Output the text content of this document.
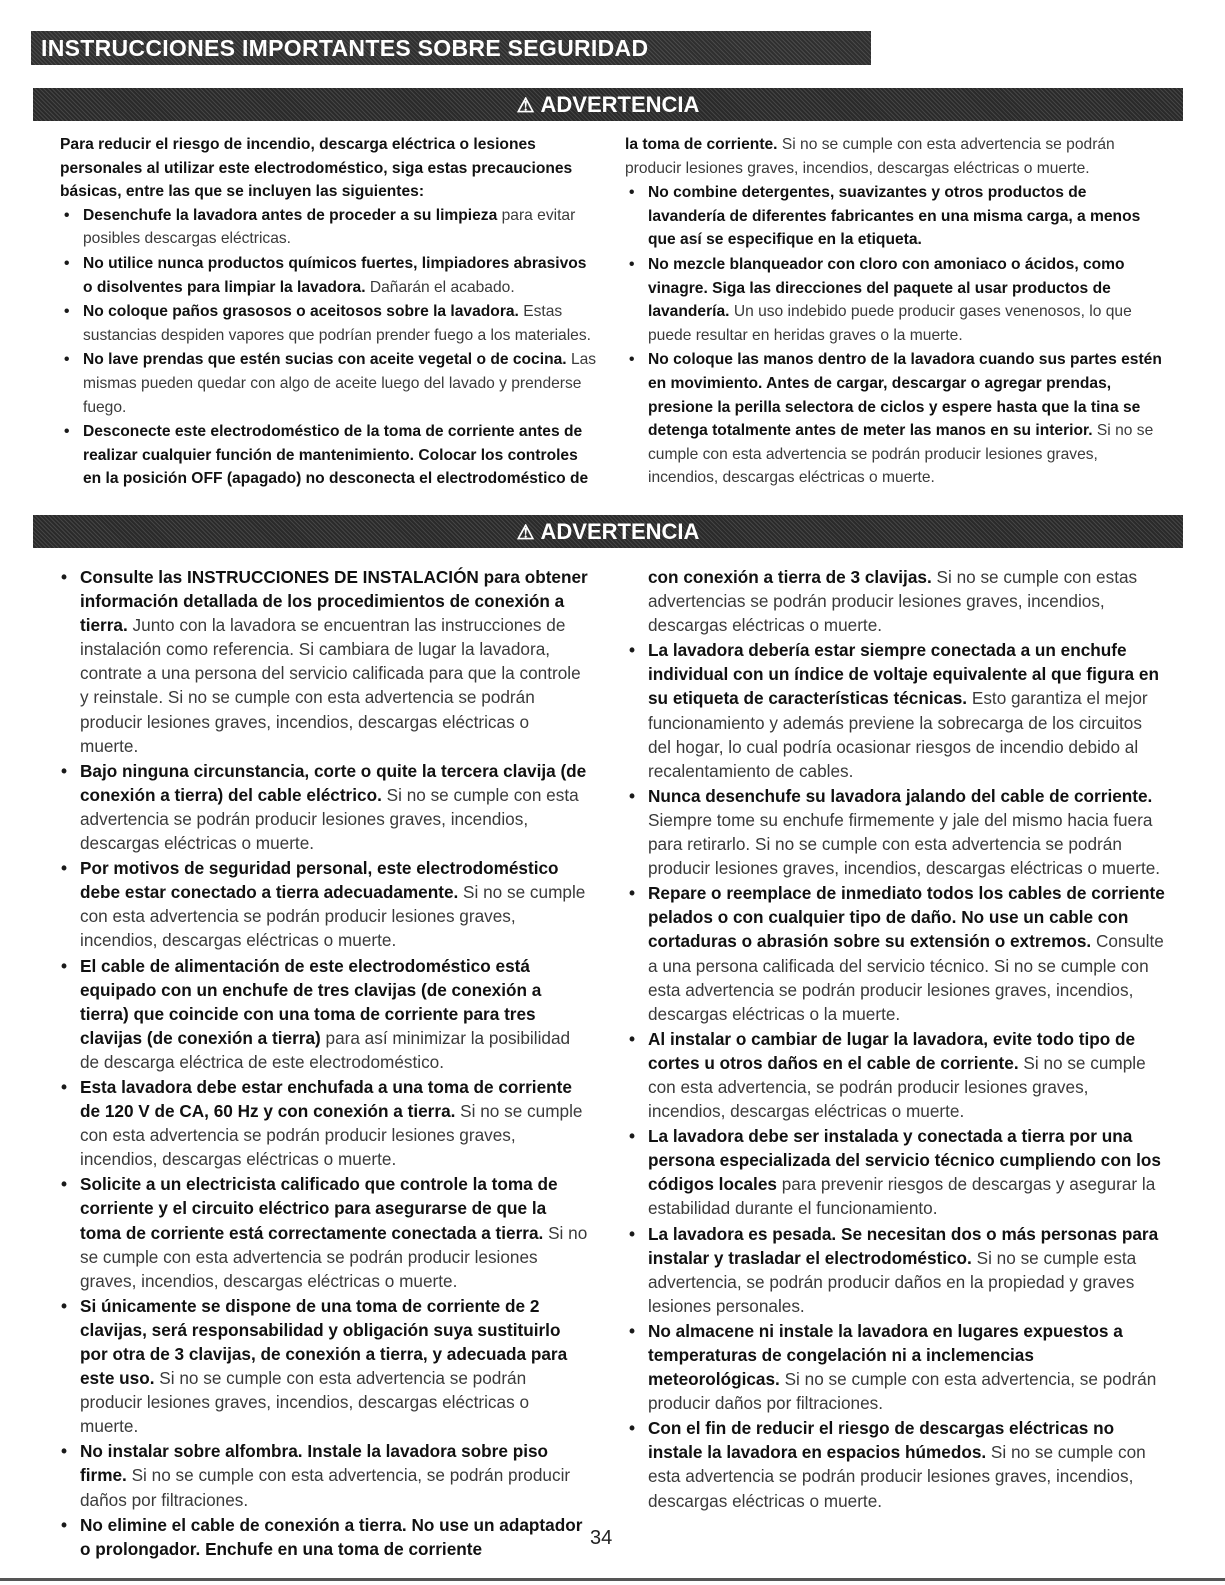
INSTRUCCIONES IMPORTANTES SOBRE SEGURIDAD
⚠ ADVERTENCIA

Para reducir el riesgo de incendio, descarga eléctrica o lesiones personales al utilizar este electrodoméstico, siga estas precauciones básicas, entre las que se incluyen las siguientes:

• Desenchufe la lavadora antes de proceder a su limpieza para evitar posibles descargas eléctricas.
• No utilice nunca productos químicos fuertes, limpiadores abrasivos o disolventes para limpiar la lavadora. Dañarán el acabado.
• No coloque paños grasosos o aceitosos sobre la lavadora. Estas sustancias despiden vapores que podrían prender fuego a los materiales.
• No lave prendas que estén sucias con aceite vegetal o de cocina. Las mismas pueden quedar con algo de aceite luego del lavado y prenderse fuego.
• Desconecte este electrodoméstico de la toma de corriente antes de realizar cualquier función de mantenimiento. Colocar los controles en la posición OFF (apagado) no desconecta el electrodoméstico de

la toma de corriente. Si no se cumple con esta advertencia se podrán producir lesiones graves, incendios, descargas eléctricas o muerte.

• No combine detergentes, suavizantes y otros productos de lavandería de diferentes fabricantes en una misma carga, a menos que así se especifique en la etiqueta.
• No mezcle blanqueador con cloro con amoniaco o ácidos, como vinagre. Siga las direcciones del paquete al usar productos de lavandería. Un uso indebido puede producir gases venenosos, lo que puede resultar en heridas graves o la muerte.
• No coloque las manos dentro de la lavadora cuando sus partes estén en movimiento. Antes de cargar, descargar o agregar prendas, presione la perilla selectora de ciclos y espere hasta que la tina se detenga totalmente antes de meter las manos en su interior. Si no se cumple con esta advertencia se podrán producir lesiones graves, incendios, descargas eléctricas o muerte.
⚠ ADVERTENCIA
• Consulte las INSTRUCCIONES DE INSTALACIÓN para obtener información detallada de los procedimientos de conexión a tierra. Junto con la lavadora se encuentran las instrucciones de instalación como referencia. Si cambiara de lugar la lavadora, contrate a una persona del servicio calificada para que la controle y reinstale. Si no se cumple con esta advertencia se podrán producir lesiones graves, incendios, descargas eléctricas o muerte.
• Bajo ninguna circunstancia, corte o quite la tercera clavija (de conexión a tierra) del cable eléctrico. Si no se cumple con esta advertencia se podrán producir lesiones graves, incendios, descargas eléctricas o muerte.
• Por motivos de seguridad personal, este electrodoméstico debe estar conectado a tierra adecuadamente. Si no se cumple con esta advertencia se podrán producir lesiones graves, incendios, descargas eléctricas o muerte.
• El cable de alimentación de este electrodoméstico está equipado con un enchufe de tres clavijas (de conexión a tierra) que coincide con una toma de corriente para tres clavijas (de conexión a tierra) para así minimizar la posibilidad de descarga eléctrica de este electrodoméstico.
• Esta lavadora debe estar enchufada a una toma de corriente de 120 V de CA, 60 Hz y con conexión a tierra. Si no se cumple con esta advertencia se podrán producir lesiones graves, incendios, descargas eléctricas o muerte.
• Solicite a un electricista calificado que controle la toma de corriente y el circuito eléctrico para asegurarse de que la toma de corriente está correctamente conectada a tierra. Si no se cumple con esta advertencia se podrán producir lesiones graves, incendios, descargas eléctricas o muerte.
• Si únicamente se dispone de una toma de corriente de 2 clavijas, será responsabilidad y obligación suya sustituirlo por otra de 3 clavijas, de conexión a tierra, y adecuada para este uso. Si no se cumple con esta advertencia se podrán producir lesiones graves, incendios, descargas eléctricas o muerte.
• No instalar sobre alfombra. Instale la lavadora sobre piso firme. Si no se cumple con esta advertencia, se podrán producir daños por filtraciones.
• No elimine el cable de conexión a tierra. No use un adaptador o prolongador. Enchufe en una toma de corriente

con conexión a tierra de 3 clavijas. Si no se cumple con estas advertencias se podrán producir lesiones graves, incendios, descargas eléctricas o muerte.

• La lavadora debería estar siempre conectada a un enchufe individual con un índice de voltaje equivalente al que figura en su etiqueta de características técnicas. Esto garantiza el mejor funcionamiento y además previene la sobrecarga de los circuitos del hogar, lo cual podría ocasionar riesgos de incendio debido al recalentamiento de cables.
• Nunca desenchufe su lavadora jalando del cable de corriente. Siempre tome su enchufe firmemente y jale del mismo hacia fuera para retirarlo. Si no se cumple con esta advertencia se podrán producir lesiones graves, incendios, descargas eléctricas o muerte.
• Repare o reemplace de inmediato todos los cables de corriente pelados o con cualquier tipo de daño. No use un cable con cortaduras o abrasión sobre su extensión o extremos. Consulte a una persona calificada del servicio técnico. Si no se cumple con esta advertencia se podrán producir lesiones graves, incendios, descargas eléctricas o la muerte.
• Al instalar o cambiar de lugar la lavadora, evite todo tipo de cortes u otros daños en el cable de corriente. Si no se cumple con esta advertencia, se podrán producir lesiones graves, incendios, descargas eléctricas o muerte.
• La lavadora debe ser instalada y conectada a tierra por una persona especializada del servicio técnico cumpliendo con los códigos locales para prevenir riesgos de descargas y asegurar la estabilidad durante el funcionamiento.
• La lavadora es pesada. Se necesitan dos o más personas para instalar y trasladar el electrodoméstico. Si no se cumple esta advertencia, se podrán producir daños en la propiedad y graves lesiones personales.
• No almacene ni instale la lavadora en lugares expuestos a temperaturas de congelación ni a inclemencias meteorológicas. Si no se cumple con esta advertencia, se podrán producir daños por filtraciones.
• Con el fin de reducir el riesgo de descargas eléctricas no instale la lavadora en espacios húmedos. Si no se cumple con esta advertencia se podrán producir lesiones graves, incendios, descargas eléctricas o muerte.
34
